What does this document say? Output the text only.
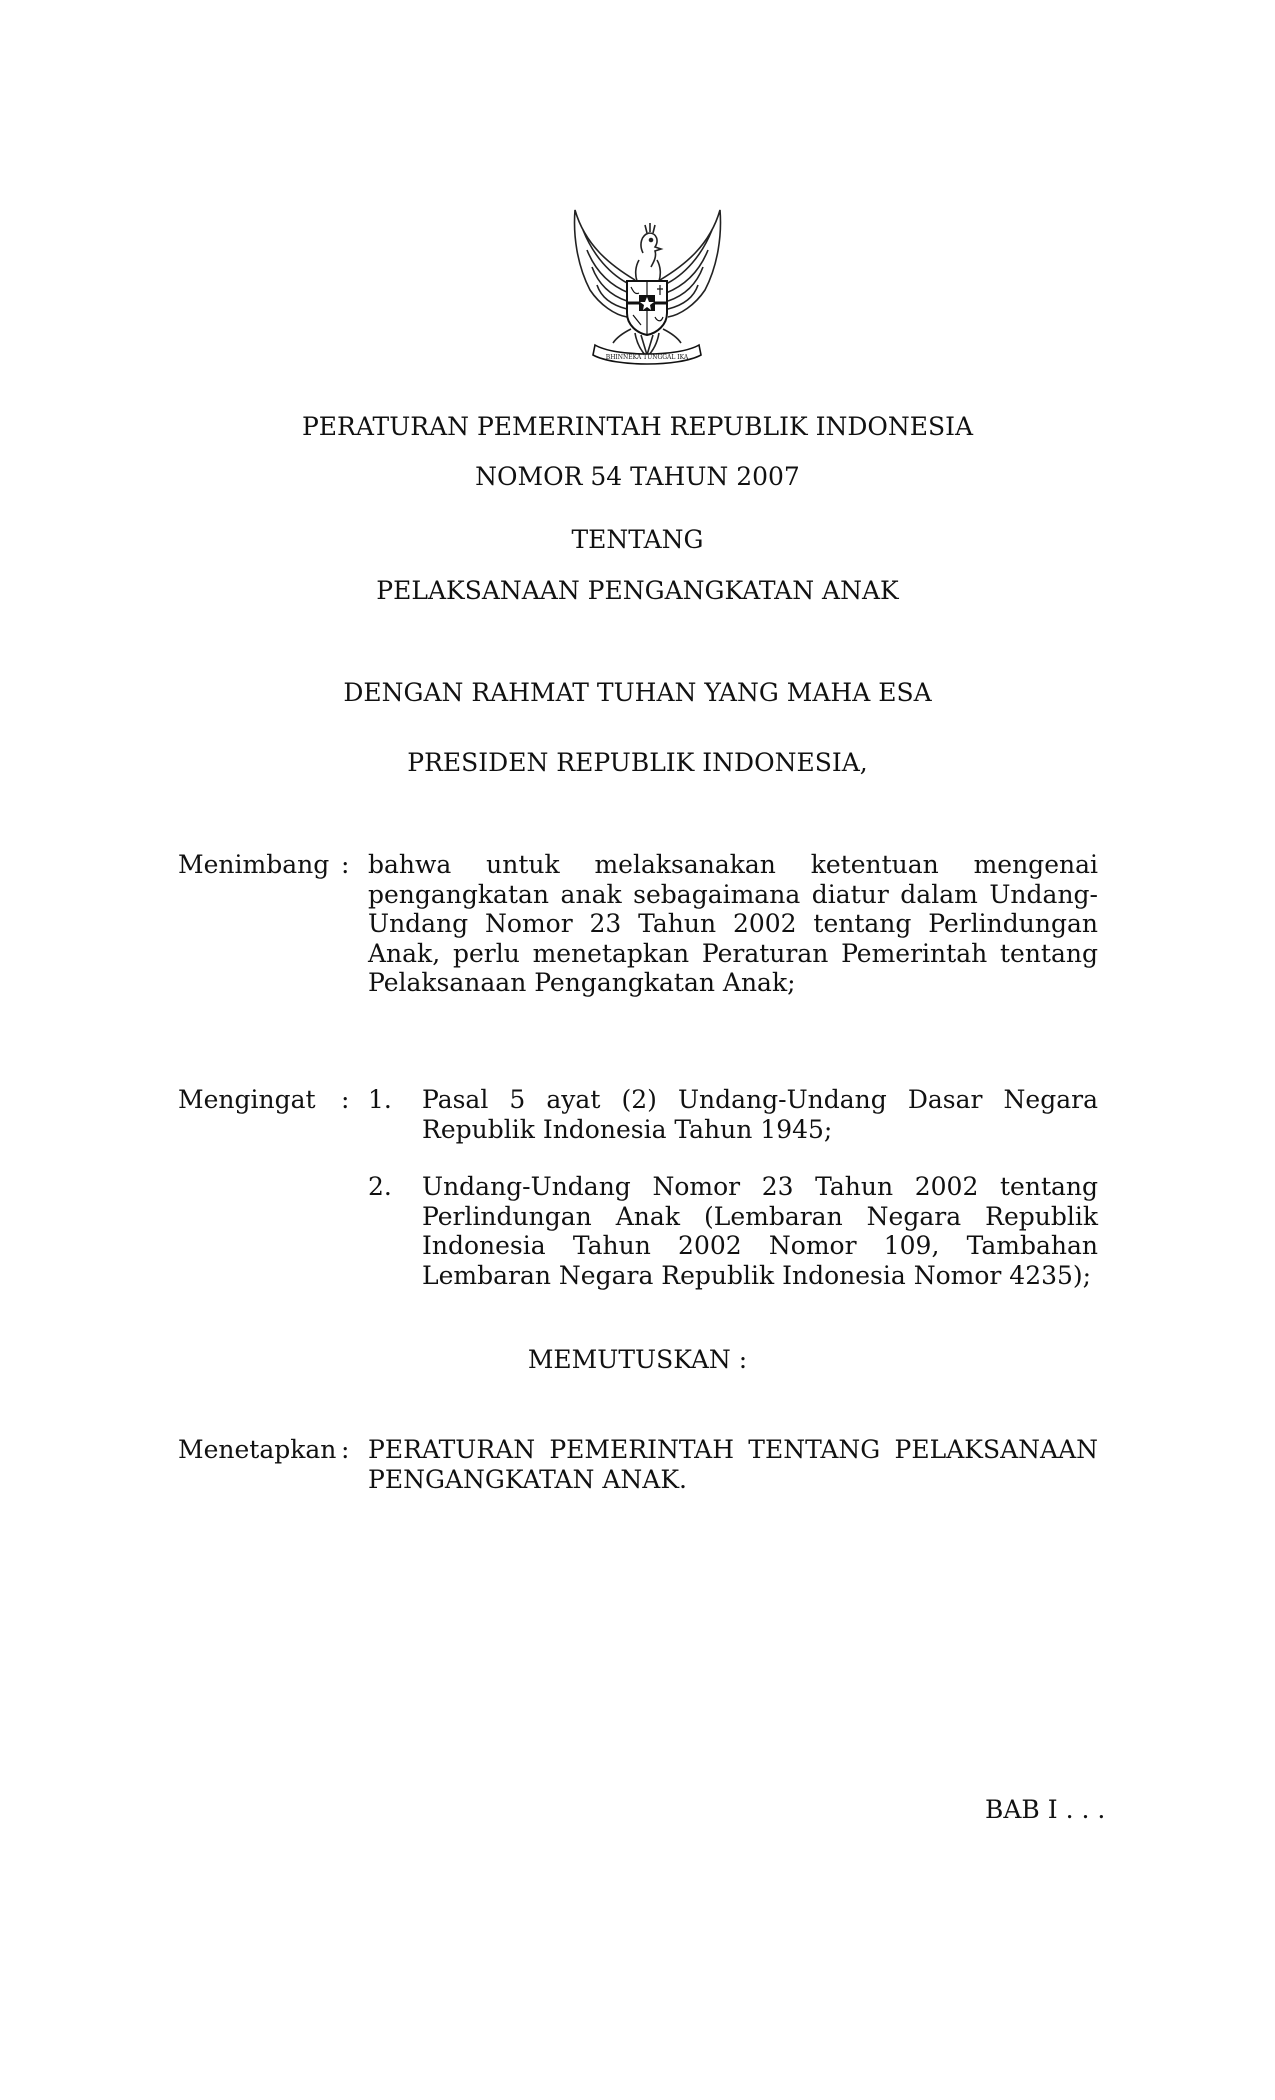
BHINNEKA TUNGGAL IKA
PERATURAN PEMERINTAH REPUBLIK INDONESIA
NOMOR 54 TAHUN 2007
TENTANG
PELAKSANAAN PENGANGKATAN ANAK
DENGAN RAHMAT TUHAN YANG MAHA ESA
PRESIDEN REPUBLIK INDONESIA,
Menimbang : bahwa untuk melaksanakan ketentuan mengenai pengangkatan anak sebagaimana diatur dalam Undang-Undang Nomor 23 Tahun 2002 tentang Perlindungan Anak, perlu menetapkan Peraturan Pemerintah tentang Pelaksanaan Pengangkatan Anak;
Mengingat : 1. Pasal 5 ayat (2) Undang-Undang Dasar Negara Republik Indonesia Tahun 1945;
2. Undang-Undang Nomor 23 Tahun 2002 tentang Perlindungan Anak (Lembaran Negara Republik Indonesia Tahun 2002 Nomor 109, Tambahan Lembaran Negara Republik Indonesia Nomor 4235);
MEMUTUSKAN :
Menetapkan : PERATURAN PEMERINTAH TENTANG PELAKSANAAN PENGANGKATAN ANAK.
BAB I . . .
